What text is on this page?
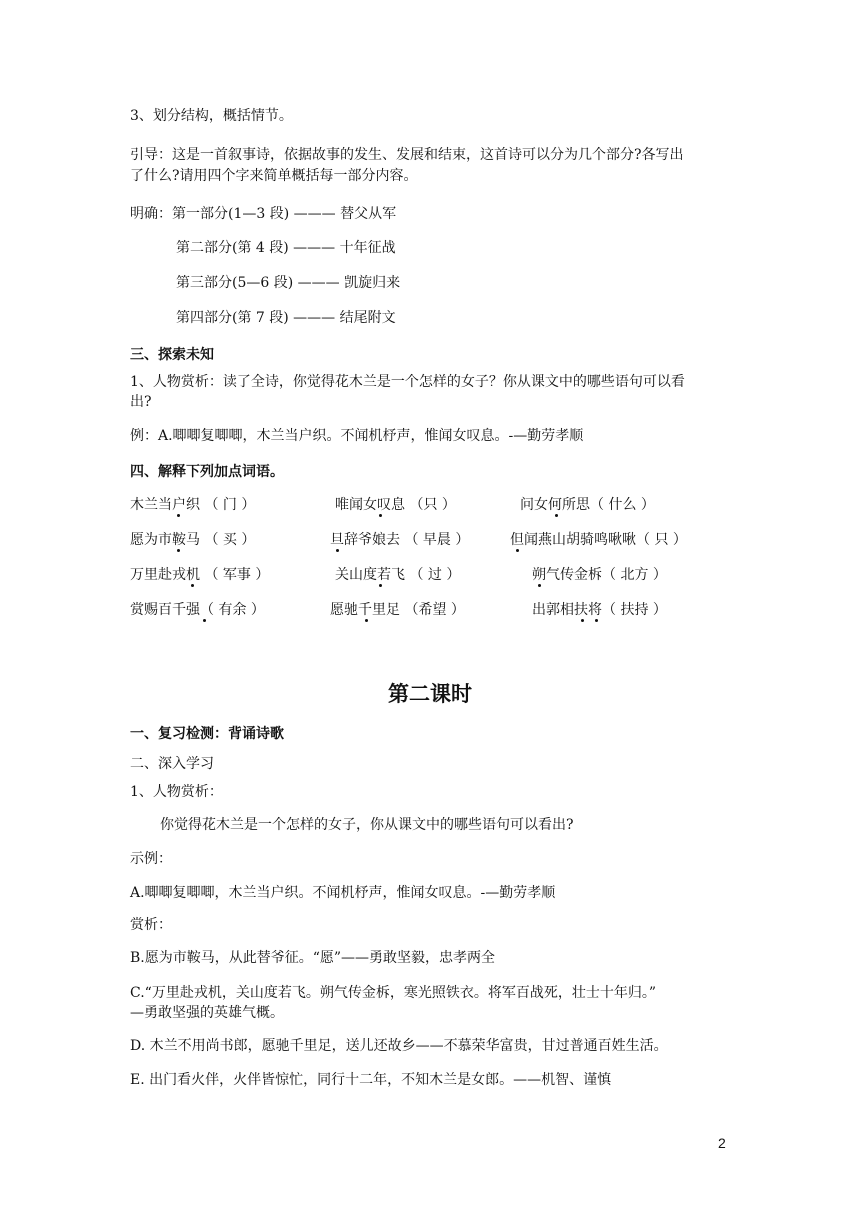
3、划分结构，概括情节。
引导：这是一首叙事诗，依据故事的发生、发展和结束，这首诗可以分为几个部分?各写出
了什么?请用四个字来简单概括每一部分内容。
明确：第一部分(1—3 段) ——— 替父从军
第二部分(第 4 段) ——— 十年征战
第三部分(5—6 段) ——— 凯旋归来
第四部分(第 7 段) ——— 结尾附文
三、探索未知
1、人物赏析：读了全诗，你觉得花木兰是一个怎样的女子？你从课文中的哪些语句可以看
出?
例：A.唧唧复唧唧，木兰当户织。不闻机杼声，惟闻女叹息。-—勤劳孝顺
四、解释下列加点词语。
木兰当户织 （ 门 ）	唯闻女叹息 （只 ）	问女何所思（ 什么 ）
愿为市鞍马 （ 买 ）	旦辞爷娘去 （ 早晨 ）	但闻燕山胡骑鸣啾啾（ 只 ）
万里赴戎机 （ 军事 ）	关山度若飞 （ 过 ）	朔气传金柝（ 北方 ）
赏赐百千强（ 有余 ）	愿驰千里足 （希望 ）	出郭相扶将（ 扶持 ）
第二课时
一、复习检测：背诵诗歌
二、深入学习
1、人物赏析：
你觉得花木兰是一个怎样的女子，你从课文中的哪些语句可以看出?
示例：
A.唧唧复唧唧，木兰当户织。不闻机杼声，惟闻女叹息。-—勤劳孝顺
赏析：
B.愿为市鞍马，从此替爷征。“愿”——勇敢坚毅，忠孝两全
C.“万里赴戎机，关山度若飞。朔气传金柝，寒光照铁衣。将军百战死，壮士十年归。”
—勇敢坚强的英雄气概。
D. 木兰不用尚书郎，愿驰千里足，送儿还故乡——不慕荣华富贵，甘过普通百姓生活。
E. 出门看火伴，火伴皆惊忙，同行十二年，不知木兰是女郎。——机智、谨慎
2
